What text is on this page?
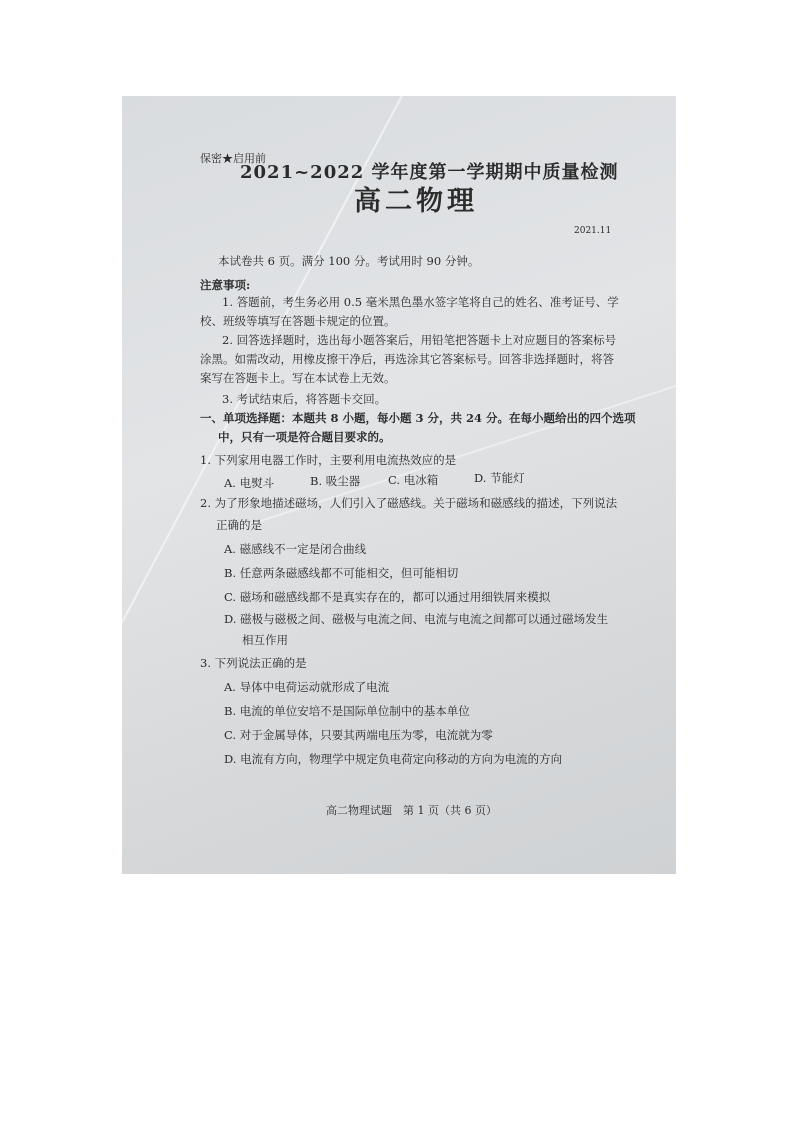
保密★启用前
2021~2022 学年度第一学期期中质量检测
高二物理
2021.11
本试卷共 6 页。满分 100 分。考试用时 90 分钟。
注意事项:
1. 答题前，考生务必用 0.5 毫米黑色墨水签字笔将自己的姓名、准考证号、学
校、班级等填写在答题卡规定的位置。
2. 回答选择题时，选出每小题答案后，用铅笔把答题卡上对应题目的答案标号
涂黑。如需改动，用橡皮擦干净后，再选涂其它答案标号。回答非选择题时，将答
案写在答题卡上。写在本试卷上无效。
3. 考试结束后，将答题卡交回。
一、单项选择题：本题共 8 小题，每小题 3 分，共 24 分。在每小题给出的四个选项
中，只有一项是符合题目要求的。
1. 下列家用电器工作时，主要利用电流热效应的是
A. 电熨斗	B. 吸尘器 C. 电冰箱	D. 节能灯
2. 为了形象地描述磁场，人们引入了磁感线。关于磁场和磁感线的描述，下列说法
正确的是
A. 磁感线不一定是闭合曲线
B. 任意两条磁感线都不可能相交，但可能相切
C. 磁场和磁感线都不是真实存在的，都可以通过用细铁屑来模拟
D. 磁极与磁极之间、磁极与电流之间、电流与电流之间都可以通过磁场发生
相互作用
3. 下列说法正确的是
A. 导体中电荷运动就形成了电流
B. 电流的单位安培不是国际单位制中的基本单位
C. 对于金属导体，只要其两端电压为零，电流就为零
D. 电流有方向，物理学中规定负电荷定向移动的方向为电流的方向
高二物理试题　第 1 页（共 6 页）
